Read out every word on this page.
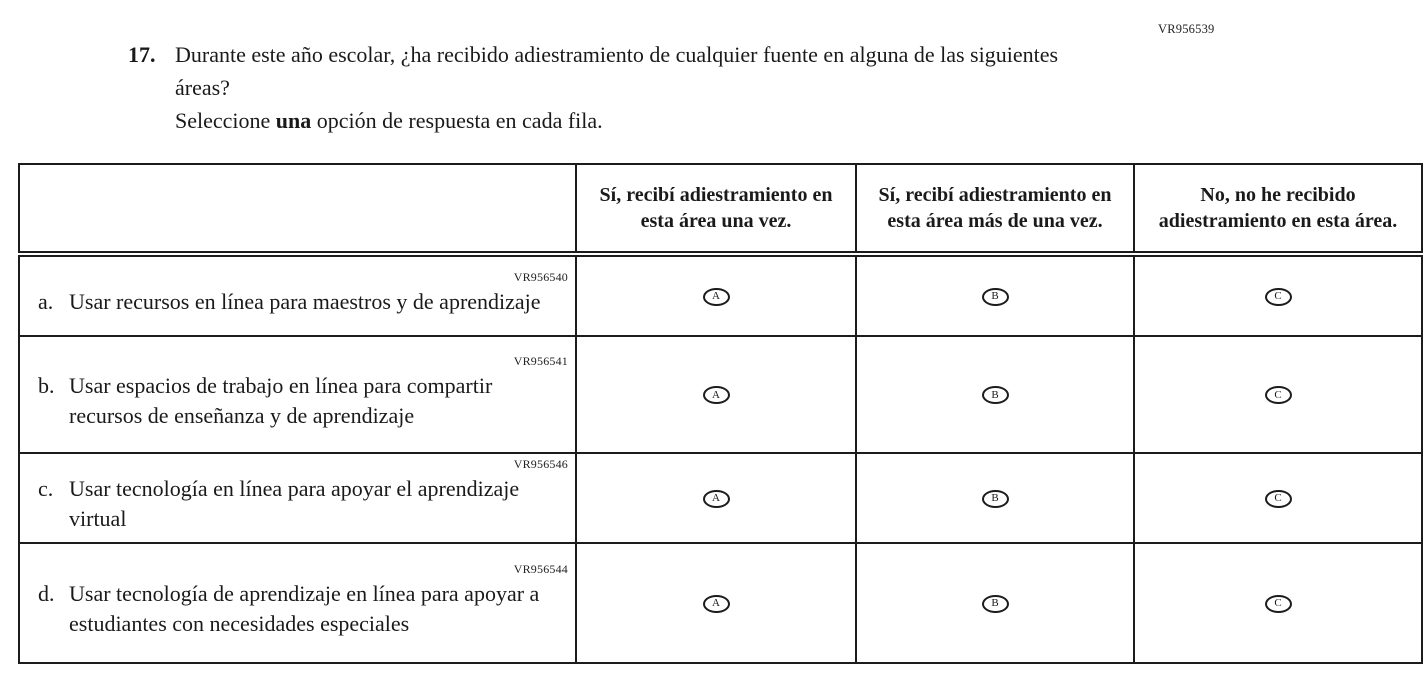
VR956539
17. Durante este año escolar, ¿ha recibido adiestramiento de cualquier fuente en alguna de las siguientes áreas?
Seleccione una opción de respuesta en cada fila.
	Sí, recibí adiestramiento en esta área una vez.	Sí, recibí adiestramiento en esta área más de una vez.	No, no he recibido adiestramiento en esta área.

VR956540
a. Usar recursos en línea para maestros y de aprendizaje	A	B	C

VR956541
b. Usar espacios de trabajo en línea para compartir recursos de enseñanza y de aprendizaje	A	B	C

VR956546
c. Usar tecnología en línea para apoyar el aprendizaje virtual	A	B	C

VR956544
d. Usar tecnología de aprendizaje en línea para apoyar a estudiantes con necesidades especiales	A	B	C
